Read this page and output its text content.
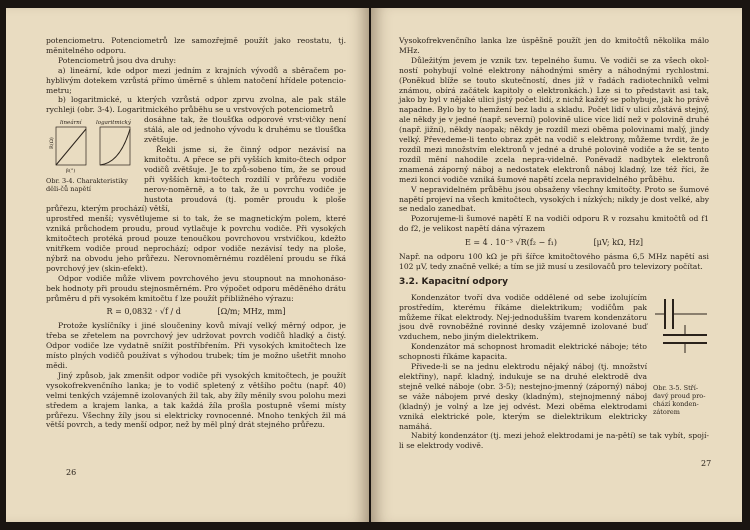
potenciometru. Potenciometrů lze samozřejmě použít jako reostatu, tj. měnitelného odporu.

Potenciometrů jsou dva druhy:

a) lineární, kde odpor mezi jedním z krajních vývodů a sběračem po-hyblivým dotekem vzrůstá přímo úměrně s úhlem natočení hřídele potencio-metru;

b) logaritmické, u kterých vzrůstá odpor zprvu zvolna, ale pak stále rychleji (obr. 3-4). Logaritmického průběhu se u vrstvových potenciometrů

lineární	logaritmický
R(Ω)
β(°)
Obr. 3-4. Charakteristiky děli-čů napětí

dosáhne tak, že tloušťka odporové vrst-vičky není stálá, ale od jednoho vývodu k druhému se tloušťka zvětšuje.

Řekli jsme si, že činný odpor nezávisí na kmitočtu. A přece se při vyšších kmito-čtech odpor vodičů zvětšuje. Je to způ-sobeno tím, že se proud při vyšších kmi-točtech rozdílí v průřezu vodiče nerov-noměrně, a to tak, že u povrchu vodiče je hustota proudová (tj. poměr proudu k ploše průřezu, kterým prochází) větší,

uprostřed menší; vysvětlujeme si to tak, že se magnetickým polem, které vzniká průchodem proudu, proud vytlačuje k povrchu vodiče. Při vysokých kmitočtech protéká proud pouze tenoučkou povrchovou vrstvičkou, kdežto vnitřkem vodiče proud neprochází; odpor vodiče nezávisí tedy na ploše, nýbrž na obvodu jeho průřezu. Nerovnoměrnému rozdělení proudu se říká povrchový jev (skin-efekt).

Odpor vodiče může vlivem povrchového jevu stoupnout na mnohonáso-bek hodnoty při proudu stejnosměrném. Pro výpočet odporu měděného drátu průměru d při vysokém kmitočtu f lze použít přibližného výrazu:

R = 0,0832 · √f / d	[Ω/m; MHz, mm]

Protože kyslíčníky i jiné sloučeniny kovů mívají velký měrný odpor, je třeba se zřetelem na povrchový jev udržovat povrch vodičů hladký a čistý. Odpor vodiče lze vydatně snížit postříbřením. Při vysokých kmitočtech lze místo plných vodičů používat s výhodou trubek; tím je možno ušetřit mnoho mědi.

Jiný způsob, jak zmenšit odpor vodiče při vysokých kmitočtech, je použít vysokofrekvenčního lanka; je to vodič spletený z většího počtu (např. 40) velmi tenkých vzájemně izolovaných žil tak, aby žíly měnily svou polohu mezi středem a krajem lanka, a tak každá žíla prošla postupně všemi místy průřezu. Všechny žíly jsou si elektricky rovnocenné. Mnoho tenkých žil má větší povrch, a tedy menší odpor, než by měl plný drát stejného průřezu.

26

Vysokofrekvenčního lanka lze úspěšně použít jen do kmitočtů několika málo MHz.

Důležitým jevem je vznik tzv. tepelného šumu. Ve vodiči se za všech okol-ností pohybují volné elektrony náhodnými směry a náhodnými rychlostmi. (Poněkud blíže se touto skutečností, dnes již v řadách radiotechniků velmi známou, obírá začátek kapitoly o elektronkách.) Lze si to představit asi tak, jako by byl v nějaké ulici jistý počet lidí, z nichž každý se pohybuje, jak ho právě napadne. Bylo by to hemžení bez ladu a skladu. Počet lidí v ulici zůstává stejný, ale někdy je v jedné (např. severní) polovině ulice více lidí než v polovině druhé (např. jižní), někdy naopak; někdy je rozdíl mezi oběma polovinami malý, jindy velký. Převedeme-li tento obraz zpět na vodič s elektrony, můžeme tvrdit, že je rozdíl mezi množstvím elektronů v jedné a druhé polovině vodiče a že se tento rozdíl mění nahodile zcela nepra-videlně. Poněvadž nadbytek elektronů znamená záporný náboj a nedostatek elektronů náboj kladný, lze též říci, že mezi konci vodiče vzniká šumové napětí zcela nepravidelného průběhu.

V nepravidelném průběhu jsou obsaženy všechny kmitočty. Proto se šumové napětí projeví na všech kmitočtech, vysokých i nízkých; nikdy je dost velké, aby se nedalo zanedbat.

Pozorujeme-li šumové napětí E na vodiči odporu R v rozsahu kmitočtů od f1 do f2, je velikost napětí dána výrazem

E = 4 . 10⁻³ √R(f₂ − f₁)	[μV; kΩ, Hz]

Např. na odporu 100 kΩ je při šířce kmitočtového pásma 6,5 MHz napětí asi 102 μV, tedy značně velké; a tím se již musí u zesilovačů pro televizory počítat.

3.2. Kapacitní odpory
Obr. 3-5. Stří-davý proud pro-chází konden-zátorem

Kondenzátor tvoří dva vodiče oddělené od sebe izolujícím prostředím, kterému říkáme dielektrikum; vodičům pak můžeme říkat elektrody. Nej-jednodušším tvarem kondenzátoru jsou dvě rovnoběžné rovinné desky vzájemně izolované buď vzduchem, nebo jiným dielektrikem.

Kondenzátor má schopnost hromadit elektrické náboje; této schopnosti říkáme kapacita.

Přivede-li se na jednu elektrodu nějaký náboj (tj. množství elektřiny), např. kladný, indukuje se na druhé elektrodě dva stejně velké náboje (obr. 3-5); nestejno-jmenný (záporný) náboj se váže nábojem prvé desky (kladným), stejnojmenný náboj (kladný) je volný a lze jej odvést. Mezi oběma elektrodami vzniká elektrické pole, kterým se dielektrikum elektricky namáhá.

Nabitý kondenzátor (tj. mezi jehož elektrodami je na-pětí) se tak vybít, spojí-li se elektrody vodivě.

27
